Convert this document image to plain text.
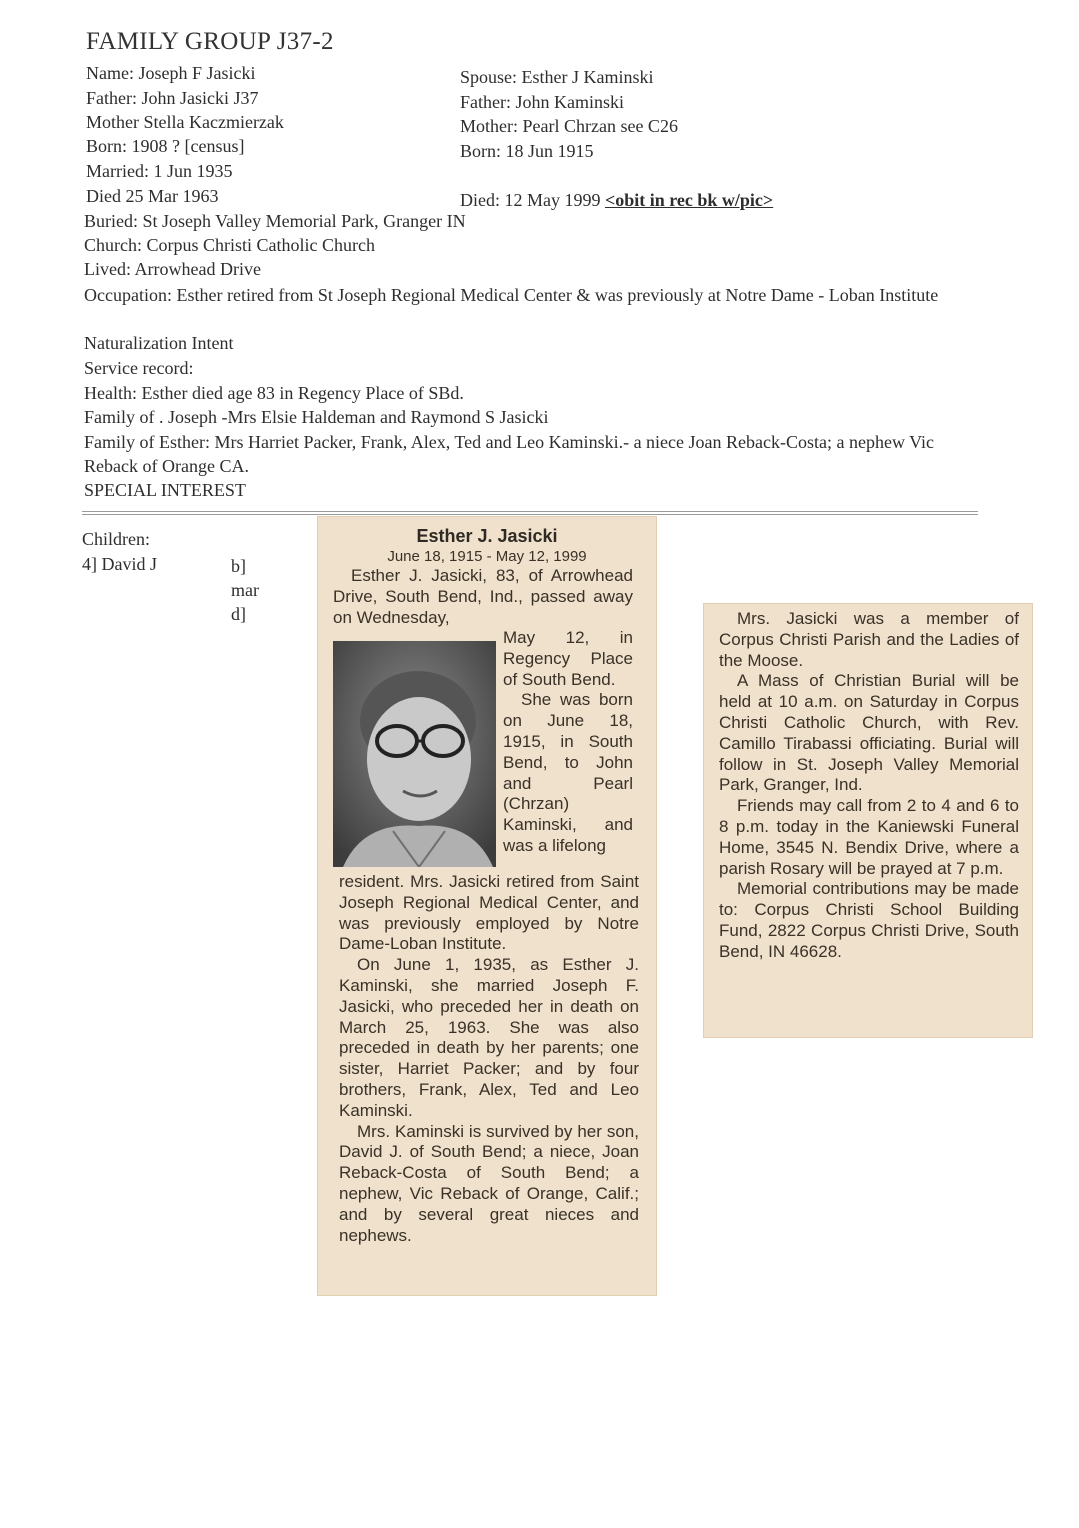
FAMILY GROUP J37-2
Name: Joseph F Jasicki
Father: John Jasicki J37
Mother Stella Kaczmierzak
Born: 1908 ? [census]
Married: 1 Jun 1935
Died 25 Mar 1963
Spouse: Esther J Kaminski
Father: John Kaminski
Mother: Pearl Chrzan see C26
Born: 18 Jun 1915
Died: 12 May 1999 <obit in rec bk w/pic>
Buried: St Joseph Valley Memorial Park, Granger IN
Church: Corpus Christi Catholic Church
Lived: Arrowhead Drive
Occupation: Esther retired from St Joseph Regional Medical Center & was previously at Notre Dame - Loban Institute
Naturalization Intent
Service record:
Health: Esther died age 83 in Regency Place of SBd.
Family of . Joseph -Mrs Elsie Haldeman and Raymond S Jasicki
Family of Esther: Mrs Harriet Packer, Frank, Alex, Ted and Leo Kaminski.- a niece Joan Reback-Costa; a nephew Vic Reback of Orange CA.
SPECIAL INTEREST
Children:
4] David J	b]
mar
d]
Esther J. Jasicki
June 18, 1915 - May 12, 1999

Esther J. Jasicki, 83, of Arrowhead Drive, South Bend, Ind., passed away on Wednesday,

May 12, in Regency Place of South Bend.

She was born on June 18, 1915, in South Bend, to John and Pearl (Chrzan) Kaminski, and was a lifelong

resident. Mrs. Jasicki retired from Saint Joseph Regional Medical Center, and was previously employed by Notre Dame-Loban Institute.

On June 1, 1935, as Esther J. Kaminski, she married Joseph F. Jasicki, who preceded her in death on March 25, 1963. She was also preceded in death by her parents; one sister, Harriet Packer; and by four brothers, Frank, Alex, Ted and Leo Kaminski.

Mrs. Kaminski is survived by her son, David J. of South Bend; a niece, Joan Reback-Costa of South Bend; a nephew, Vic Reback of Orange, Calif.; and by several great nieces and nephews.

Mrs. Jasicki was a member of Corpus Christi Parish and the Ladies of the Moose.

A Mass of Christian Burial will be held at 10 a.m. on Saturday in Corpus Christi Catholic Church, with Rev. Camillo Tirabassi officiating. Burial will follow in St. Joseph Valley Memorial Park, Granger, Ind.

Friends may call from 2 to 4 and 6 to 8 p.m. today in the Kaniewski Funeral Home, 3545 N. Bendix Drive, where a parish Rosary will be prayed at 7 p.m.

Memorial contributions may be made to: Corpus Christi School Building Fund, 2822 Corpus Christi Drive, South Bend, IN 46628.
